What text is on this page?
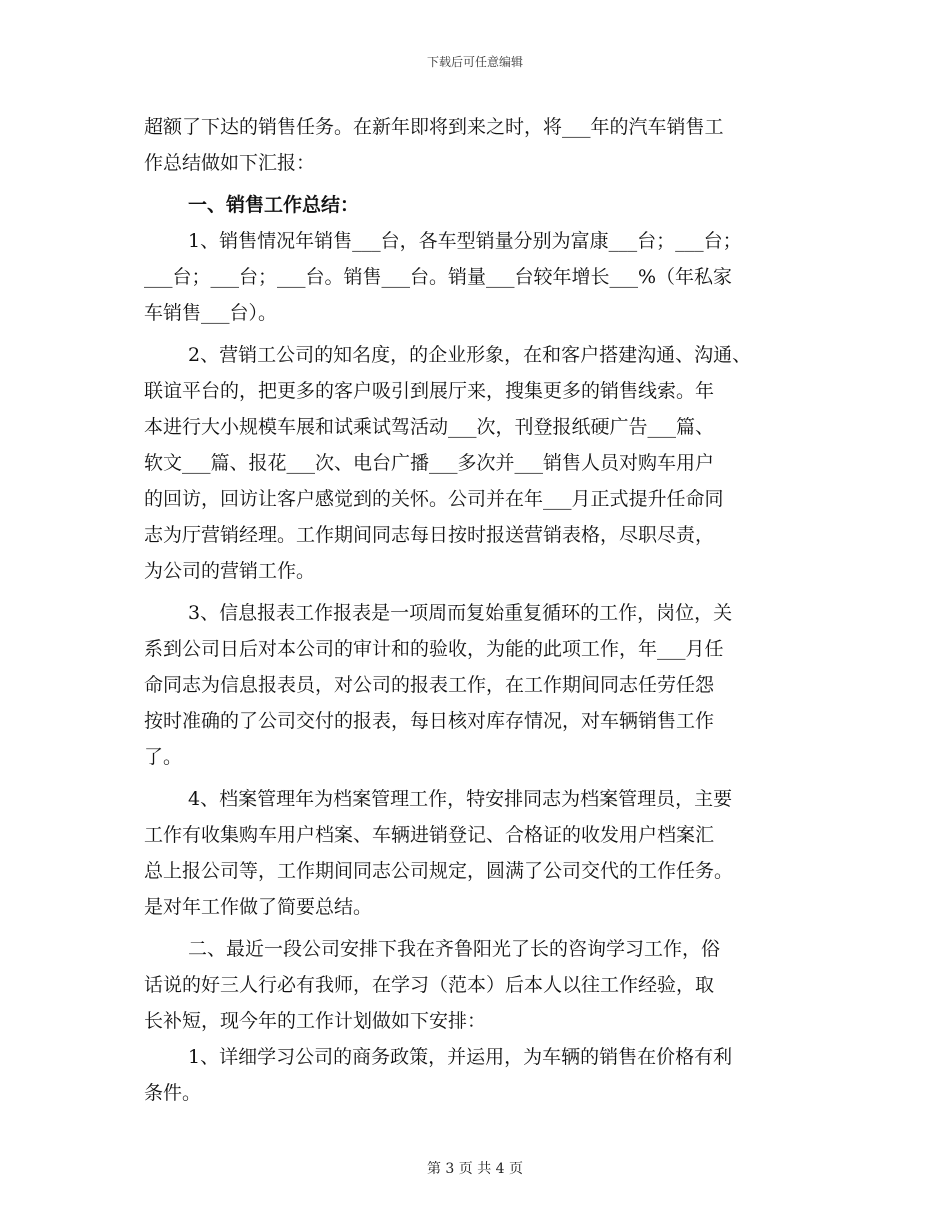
下载后可任意编辑

超额了下达的销售任务。在新年即将到来之时，将___年的汽车销售工

作总结做如下汇报：

一、销售工作总结：

1、销售情况年销售___台，各车型销量分别为富康___台；___台；

___台；___台；___台。销售___台。销量___台较年增长___%（年私家

车销售___台）。

2、营销工公司的知名度，的企业形象，在和客户搭建沟通、沟通、

联谊平台的，把更多的客户吸引到展厅来，搜集更多的销售线索。年

本进行大小规模车展和试乘试驾活动___次，刊登报纸硬广告___篇、

软文___篇、报花___次、电台广播___多次并___销售人员对购车用户

的回访，回访让客户感觉到的关怀。公司并在年___月正式提升任命同

志为厅营销经理。工作期间同志每日按时报送营销表格，尽职尽责，

为公司的营销工作。

3、信息报表工作报表是一项周而复始重复循环的工作，岗位，关

系到公司日后对本公司的审计和的验收，为能的此项工作，年___月任

命同志为信息报表员，对公司的报表工作，在工作期间同志任劳任怨

按时准确的了公司交付的报表，每日核对库存情况，对车辆销售工作

了。

4、档案管理年为档案管理工作，特安排同志为档案管理员，主要

工作有收集购车用户档案、车辆进销登记、合格证的收发用户档案汇

总上报公司等，工作期间同志公司规定，圆满了公司交代的工作任务。

是对年工作做了简要总结。

二、最近一段公司安排下我在齐鲁阳光了长的咨询学习工作，俗

话说的好三人行必有我师，在学习（范本）后本人以往工作经验，取

长补短，现今年的工作计划做如下安排：

1、详细学习公司的商务政策，并运用，为车辆的销售在价格有利

条件。

第 3 页 共 4 页
